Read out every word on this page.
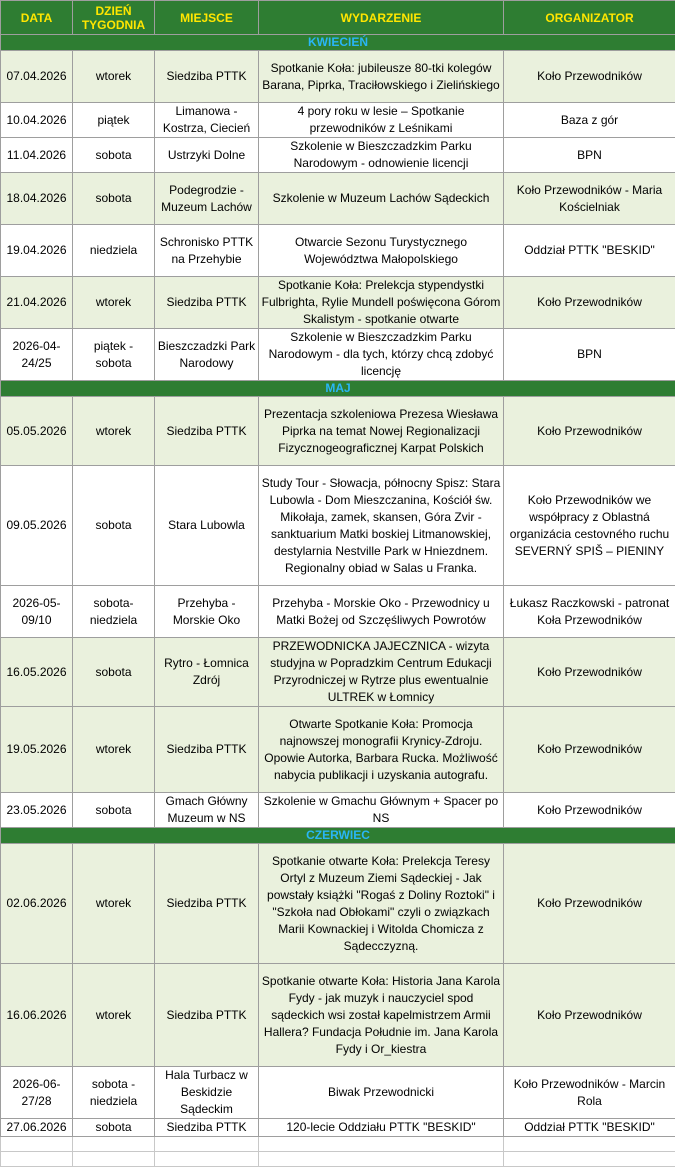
DATA	DZIEŃ TYGODNIA	MIEJSCE	WYDARZENIE	ORGANIZATOR
KWIECIEŃ				
07.04.2026	wtorek	Siedziba PTTK	Spotkanie Koła: jubileusze 80-tki kolegów Barana, Piprka, Traciłowskiego i Zielińskiego	Koło Przewodników
10.04.2026	piątek	Limanowa - Kostrza, Ciecień	4 pory roku w lesie – Spotkanie przewodników z Leśnikami	Baza z gór
11.04.2026	sobota	Ustrzyki Dolne	Szkolenie w Bieszczadzkim Parku Narodowym - odnowienie licencji	BPN
18.04.2026	sobota	Podegrodzie - Muzeum Lachów	Szkolenie w Muzeum Lachów Sądeckich	Koło Przewodników - Maria Kościelniak
19.04.2026	niedziela	Schronisko PTTK na Przehybie	Otwarcie Sezonu Turystycznego Województwa Małopolskiego	Oddział PTTK "BESKID"
21.04.2026	wtorek	Siedziba PTTK	Spotkanie Koła: Prelekcja stypendystki Fulbrighta, Rylie Mundell poświęcona Górom Skalistym - spotkanie otwarte	Koło Przewodników
2026-04-24/25	piątek - sobota	Bieszczadzki Park Narodowy	Szkolenie w Bieszczadzkim Parku Narodowym - dla tych, którzy chcą zdobyć licencję	BPN
MAJ				
05.05.2026	wtorek	Siedziba PTTK	Prezentacja szkoleniowa Prezesa Wiesława Piprka na temat Nowej Regionalizacji Fizycznogeograficznej Karpat Polskich	Koło Przewodników
09.05.2026	sobota	Stara Lubowla	Study Tour - Słowacja, północny Spisz: Stara Lubowla - Dom Mieszczanina, Kościół św. Mikołaja, zamek, skansen, Góra Zvir - sanktuarium Matki boskiej Litmanowskiej, destylarnia Nestville Park w Hniezdnem. Regionalny obiad w Salas u Franka.	Koło Przewodników we współpracy z Oblastná organizácia cestovného ruchu SEVERNÝ SPIŠ – PIENINY
2026-05-09/10	sobota-niedziela	Przehyba - Morskie Oko	Przehyba - Morskie Oko - Przewodnicy u Matki Bożej od Szczęśliwych Powrotów	Łukasz Raczkowski - patronat Koła Przewodników
16.05.2026	sobota	Rytro - Łomnica Zdrój	PRZEWODNICKA JAJECZNICA - wizyta studyjna w Popradzkim Centrum Edukacji Przyrodniczej w Rytrze plus ewentualnie ULTREK w Łomnicy	Koło Przewodników
19.05.2026	wtorek	Siedziba PTTK	Otwarte Spotkanie Koła: Promocja najnowszej monografii Krynicy-Zdroju. Opowie Autorka, Barbara Rucka. Możliwość nabycia publikacji i uzyskania autografu.	Koło Przewodników
23.05.2026	sobota	Gmach Główny Muzeum w NS	Szkolenie w Gmachu Głównym + Spacer po NS	Koło Przewodników
CZERWIEC				
02.06.2026	wtorek	Siedziba PTTK	Spotkanie otwarte Koła: Prelekcja Teresy Ortyl z Muzeum Ziemi Sądeckiej - Jak powstały książki "Rogaś z Doliny Roztoki" i "Szkoła nad Obłokami" czyli o związkach Marii Kownackiej i Witolda Chomicza z Sądecczyzną.	Koło Przewodników
16.06.2026	wtorek	Siedziba PTTK	Spotkanie otwarte Koła: Historia Jana Karola Fydy - jak muzyk i nauczyciel spod sądeckich wsi został kapelmistrzem Armii Hallera? Fundacja Południe im. Jana Karola Fydy i Or_kiestra	Koło Przewodników
2026-06-27/28	sobota - niedziela	Hala Turbacz w Beskidzie Sądeckim	Biwak Przewodnicki	Koło Przewodników - Marcin Rola
27.06.2026	sobota	Siedziba PTTK	120-lecie Oddziału PTTK "BESKID"	Oddział PTTK "BESKID"
